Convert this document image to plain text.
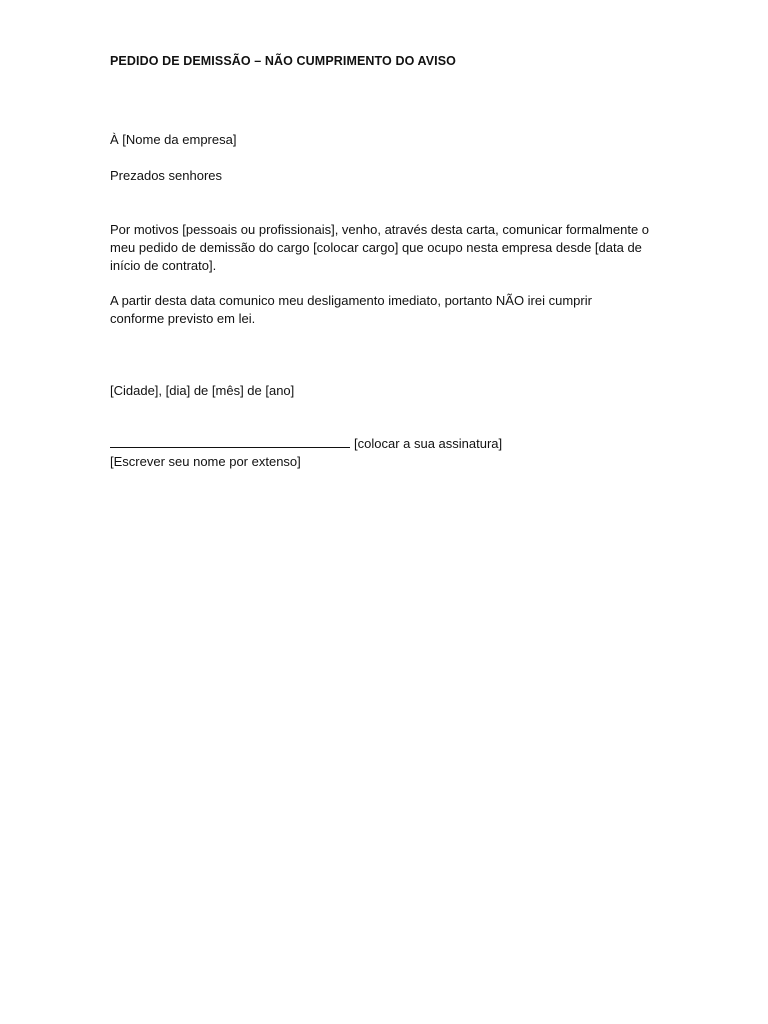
PEDIDO DE DEMISSÃO – NÃO CUMPRIMENTO DO AVISO

À [Nome da empresa]

Prezados senhores

Por motivos [pessoais ou profissionais], venho, através desta carta, comunicar formalmente o

meu pedido de demissão do cargo [colocar cargo] que ocupo nesta empresa desde [data de

início de contrato].

A partir desta data comunico meu desligamento imediato, portanto NÃO irei cumprir

conforme previsto em lei.

[Cidade], [dia] de [mês] de [ano]

[colocar a sua assinatura]

[Escrever seu nome por extenso]
